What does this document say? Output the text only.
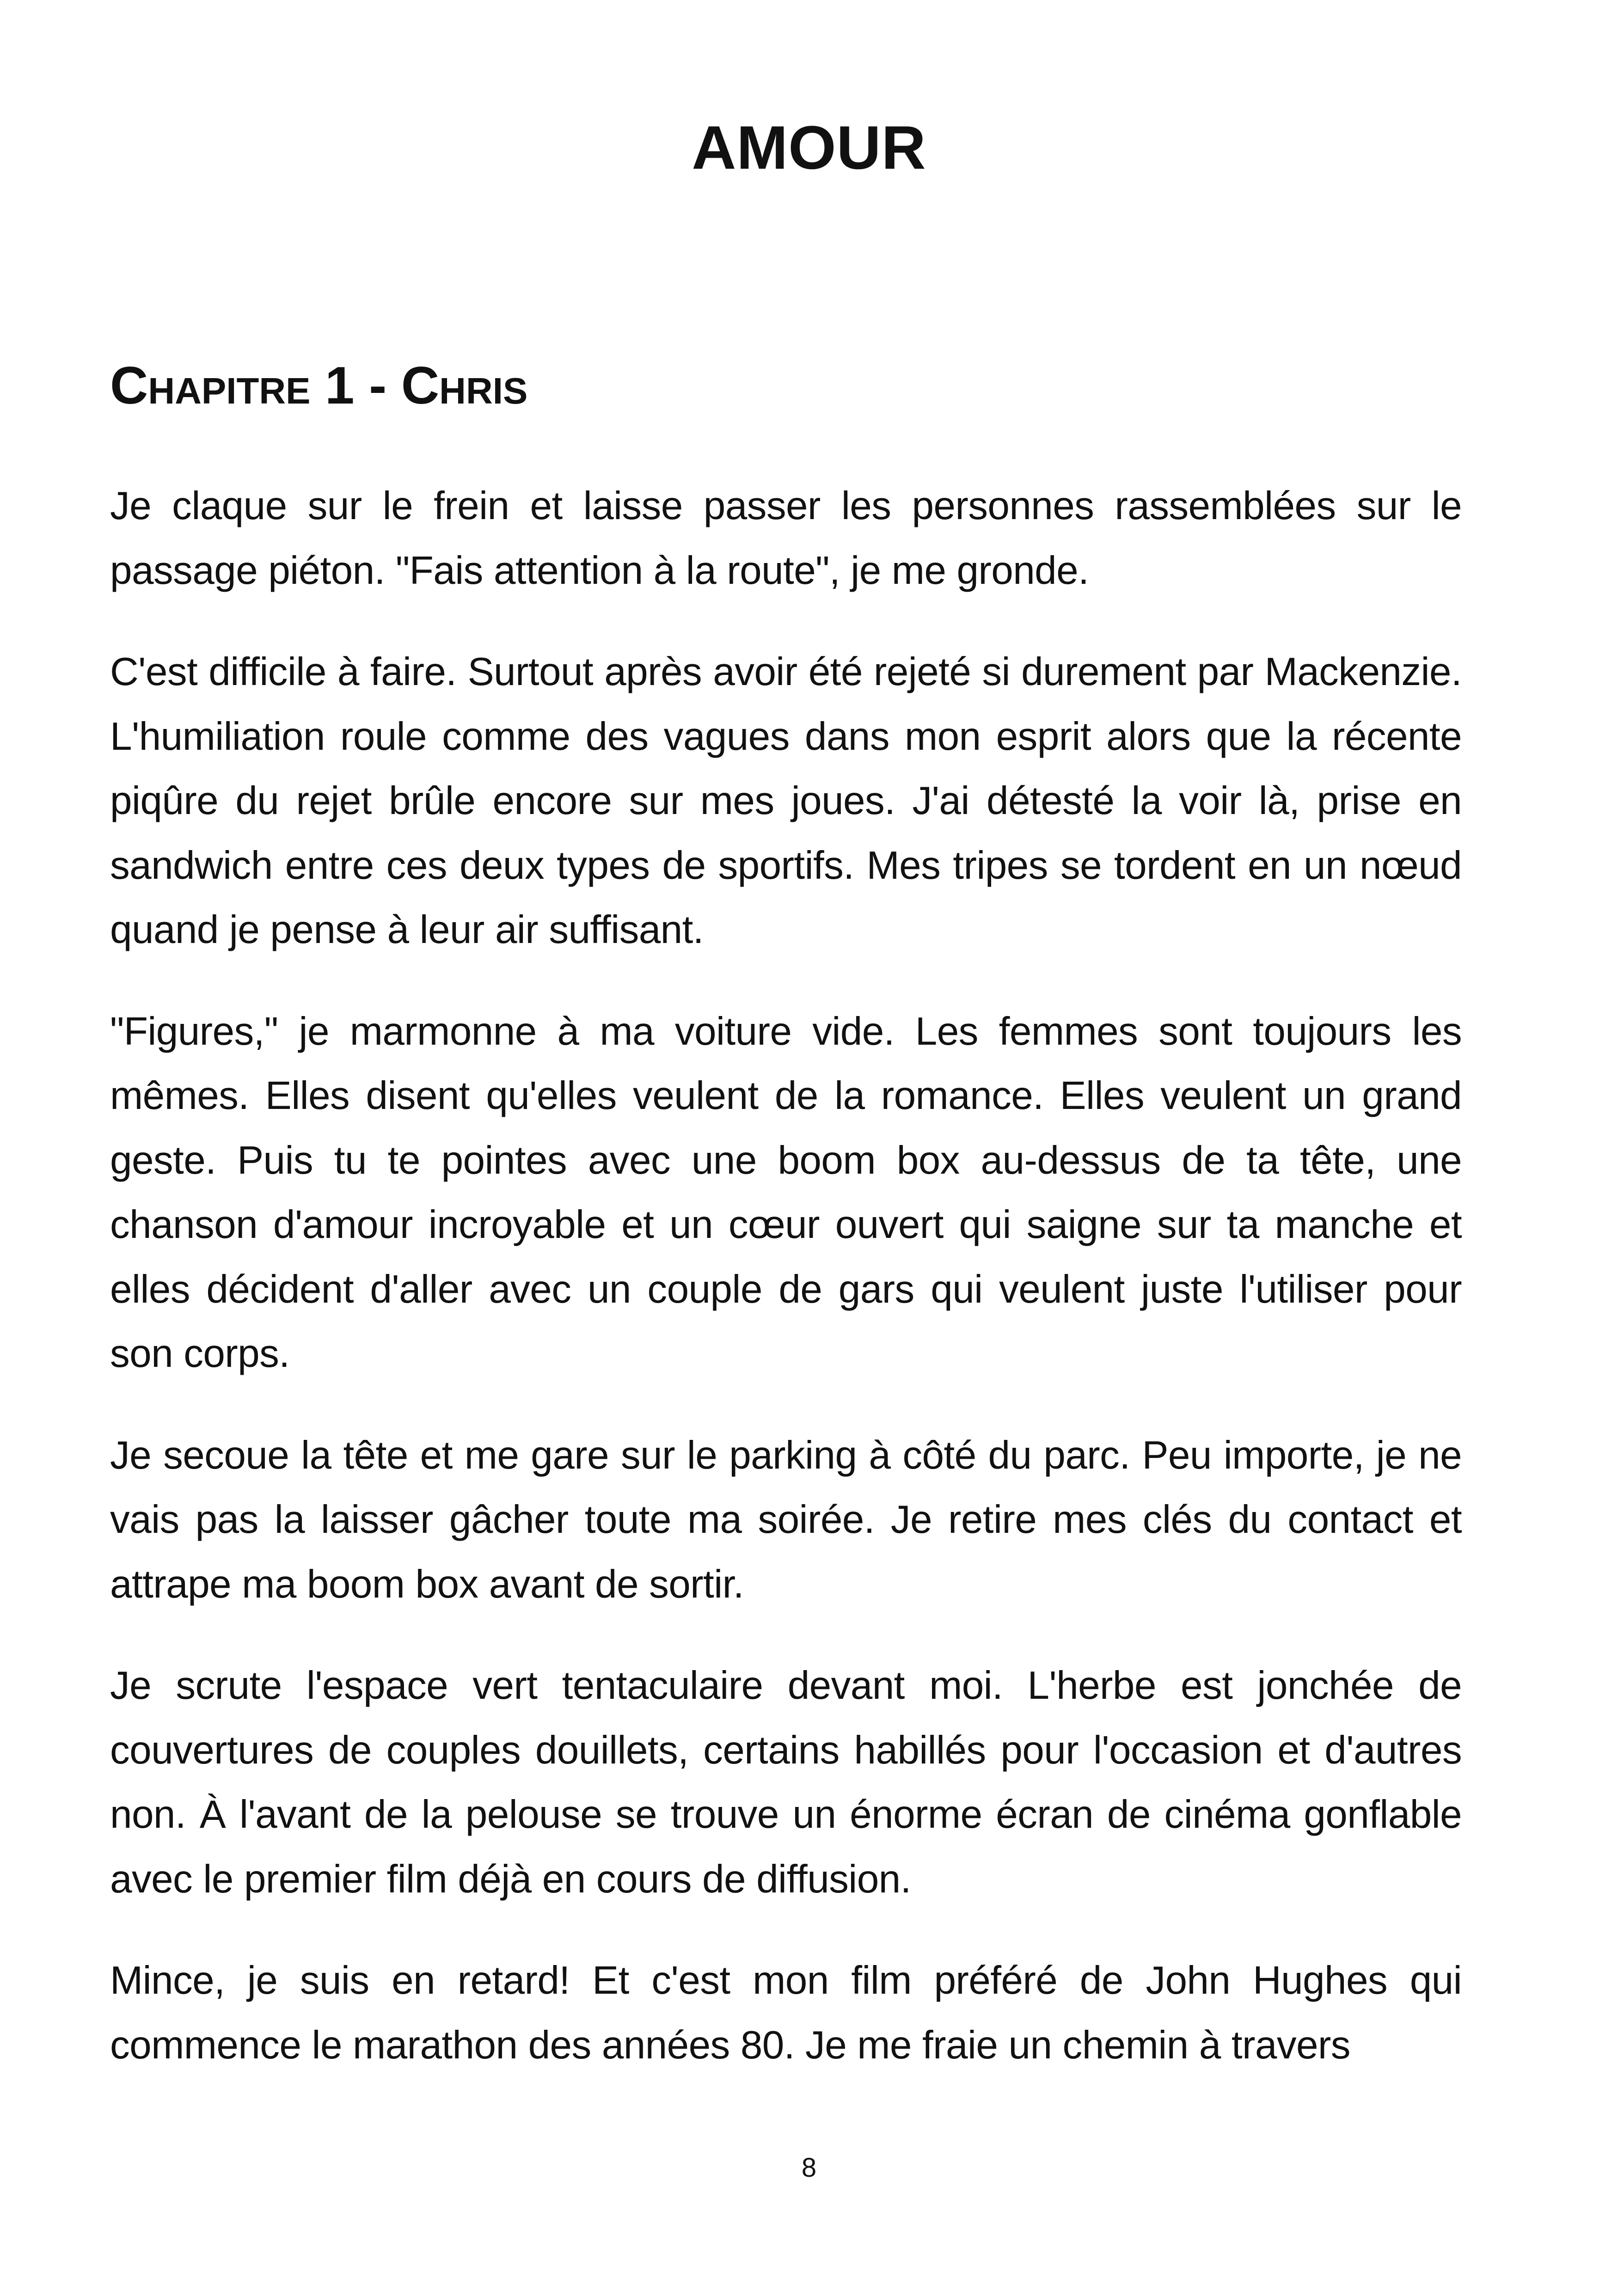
AMOUR
Chapitre 1 - Chris

Je claque sur le frein et laisse passer les personnes rassemblées sur le passage piéton. "Fais attention à la route", je me gronde.

C'est difficile à faire. Surtout après avoir été rejeté si durement par Mackenzie. L'humiliation roule comme des vagues dans mon esprit alors que la récente piqûre du rejet brûle encore sur mes joues. J'ai détesté la voir là, prise en sandwich entre ces deux types de sportifs. Mes tripes se tordent en un nœud quand je pense à leur air suffisant.

"Figures," je marmonne à ma voiture vide. Les femmes sont toujours les mêmes. Elles disent qu'elles veulent de la romance. Elles veulent un grand geste. Puis tu te pointes avec une boom box au-dessus de ta tête, une chanson d'amour incroyable et un cœur ouvert qui saigne sur ta manche et elles décident d'aller avec un couple de gars qui veulent juste l'utiliser pour son corps.

Je secoue la tête et me gare sur le parking à côté du parc. Peu importe, je ne vais pas la laisser gâcher toute ma soirée. Je retire mes clés du contact et attrape ma boom box avant de sortir.

Je scrute l'espace vert tentaculaire devant moi. L'herbe est jonchée de couvertures de couples douillets, certains habillés pour l'occasion et d'autres non. À l'avant de la pelouse se trouve un énorme écran de cinéma gonflable avec le premier film déjà en cours de diffusion.

Mince, je suis en retard! Et c'est mon film préféré de John Hughes qui commence le marathon des années 80. Je me fraie un chemin à travers

8
